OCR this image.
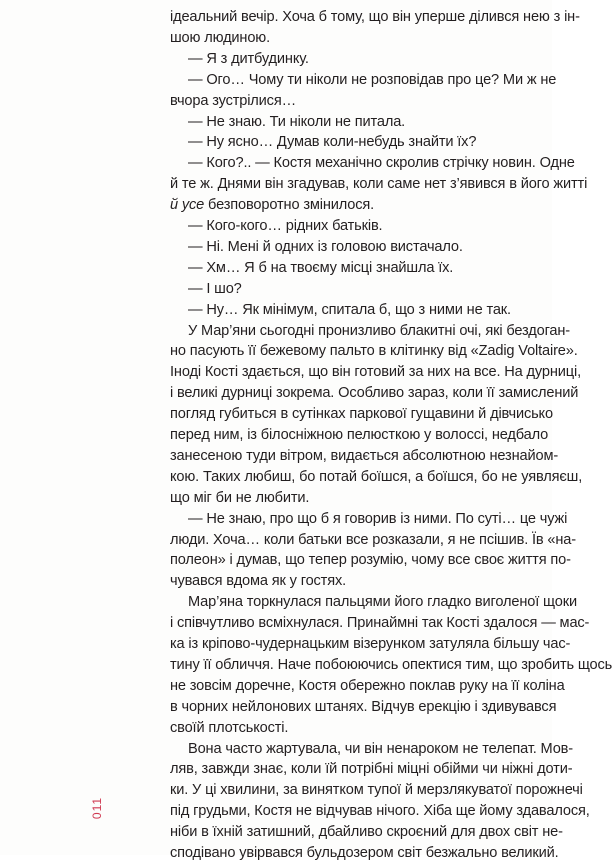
ідеальний вечір. Хоча б тому, що він уперше ділився нею з ін-
шою людиною.
— Я з дитбудинку.
— Ого… Чому ти ніколи не розповідав про це? Ми ж не
вчора зустрілися…
— Не знаю. Ти ніколи не питала.
— Ну ясно… Думав коли-небудь знайти їх?
— Кого?.. — Костя механічно скролив стрічку новин. Одне
й те ж. Днями він згадував, коли саме нет з’явився в його житті
й усе безповоротно змінилося.
— Кого-кого… рідних батьків.
— Ні. Мені й одних із головою вистачало.
— Хм… Я б на твоєму місці знайшла їх.
— І шо?
— Ну… Як мінімум, спитала б, що з ними не так.
У Мар’яни сьогодні пронизливо блакитні очі, які бездоган-
но пасують її бежевому пальто в клітинку від «Zadig Voltaire».
Іноді Кості здається, що він готовий за них на все. На дурниці,
і великі дурниці зокрема. Особливо зараз, коли її замислений
погляд губиться в сутінках паркової гущавини й дівчисько
перед ним, із білосніжною пелюсткою у волоссі, недбало
занесеною туди вітром, видається абсолютною незнайом-
кою. Таких любиш, бо потай боїшся, а боїшся, бо не уявляєш,
що міг би не любити.
— Не знаю, про що б я говорив із ними. По суті… це чужі
люди. Хоча… коли батьки все розказали, я не псішив. Їв «на-
полеон» і думав, що тепер розумію, чому все своє життя по-
чувався вдома як у гостях.
Мар’яна торкнулася пальцями його гладко виголеної щоки
і співчутливо всміхнулася. Принаймні так Кості здалося — мас-
ка із кріпово-чудернацьким візерунком затуляла більшу час-
тину її обличчя. Наче побоюючись опектися тим, що зробить щось
не зовсім доречне, Костя обережно поклав руку на її коліна
в чорних нейлонових штанях. Відчув ерекцію і здивувався
своїй плотськості.
Вона часто жартувала, чи він ненароком не телепат. Мов-
ляв, завжди знає, коли їй потрібні міцні обійми чи ніжні доти-
ки. У ці хвилини, за винятком тупої й мерзлякуватої порожнечі
під грудьми, Костя не відчував нічого. Хіба ще йому здавалося,
ніби в їхній затишний, дбайливо скроєний для двох світ не-
сподівано увірвався бульдозером світ безжально великий.
011
